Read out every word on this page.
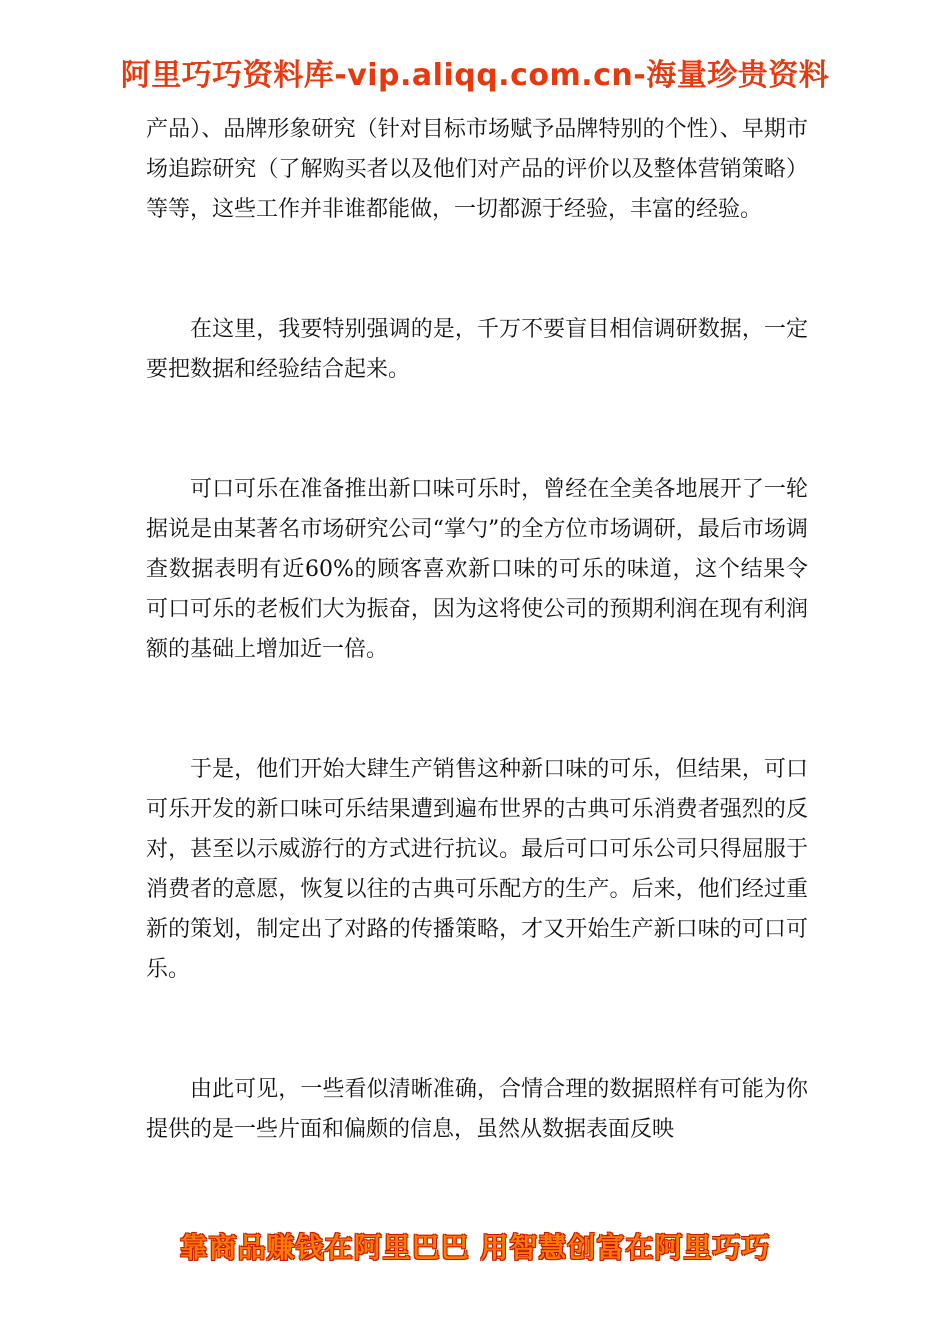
阿里巧巧资料库-vip.aliqq.com.cn-海量珍贵资料

产品）、品牌形象研究（针对目标市场赋予品牌特别的个性）、早期市场追踪研究（了解购买者以及他们对产品的评价以及整体营销策略）等等，这些工作并非谁都能做，一切都源于经验，丰富的经验。

在这里，我要特别强调的是，千万不要盲目相信调研数据，一定要把数据和经验结合起来。

可口可乐在准备推出新口味可乐时，曾经在全美各地展开了一轮据说是由某著名市场研究公司“掌勺”的全方位市场调研，最后市场调查数据表明有近60%的顾客喜欢新口味的可乐的味道，这个结果令可口可乐的老板们大为振奋，因为这将使公司的预期利润在现有利润额的基础上增加近一倍。

于是，他们开始大肆生产销售这种新口味的可乐，但结果，可口可乐开发的新口味可乐结果遭到遍布世界的古典可乐消费者强烈的反对，甚至以示威游行的方式进行抗议。最后可口可乐公司只得屈服于消费者的意愿，恢复以往的古典可乐配方的生产。后来，他们经过重新的策划，制定出了对路的传播策略，才又开始生产新口味的可口可乐。

由此可见，一些看似清晰准确，合情合理的数据照样有可能为你提供的是一些片面和偏颇的信息，虽然从数据表面反映

靠商品赚钱在阿里巴巴 用智慧创富在阿里巧巧
